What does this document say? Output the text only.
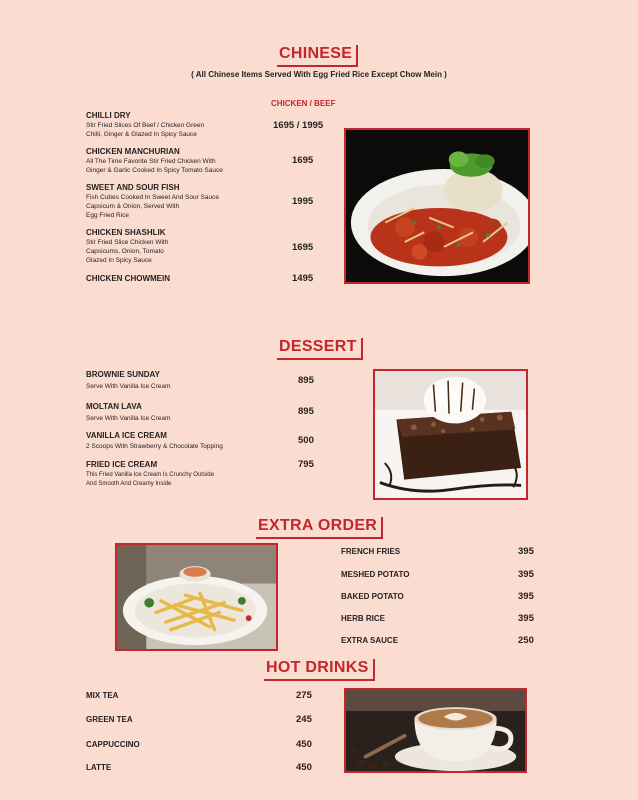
CHINESE
( All Chinese Items Served With Egg Fried Rice Except Chow Mein )
CHICKEN / BEEF
CHILLI DRY
Stir Fried Slices Of Beef / Chicken Green
Chilli, Ginger & Glazed In Spicy Sauce
1695 / 1995
CHICKEN MANCHURIAN
All The Time Favorite Stir Fried Chicken With
Ginger & Garlic Cooked In Spicy Tomato Sauce
1695
SWEET AND SOUR FISH
Fish Cubes Cooked In Sweet And Sour Sauce
Capsicum & Onion, Served With
Egg Fried Rice
1995
CHICKEN SHASHLIK
Stir Fried Slice Chicken With
Capsicums, Onion, Tomato
Glazed In Spicy Sauce
1695
CHICKEN CHOWMEIN	1495
DESSERT
BROWNIE SUNDAY
Serve With Vanilla Ice Cream
895
MOLTAN LAVA
Serve With Vanilla Ice Cream
895
VANILLA ICE CREAM
2 Scoops With Strawberry & Chocolate Topping
500
FRIED ICE CREAM
This Fried Vanilla Ice Cream Is Crunchy Outside
And Smooth And Creamy Inside
795
EXTRA ORDER
FRENCH FRIES	395
MESHED POTATO	395
BAKED POTATO	395
HERB RICE	395
EXTRA SAUCE	250
HOT DRINKS
MIX TEA	275
GREEN TEA	245
CAPPUCCINO	450
LATTE	450
